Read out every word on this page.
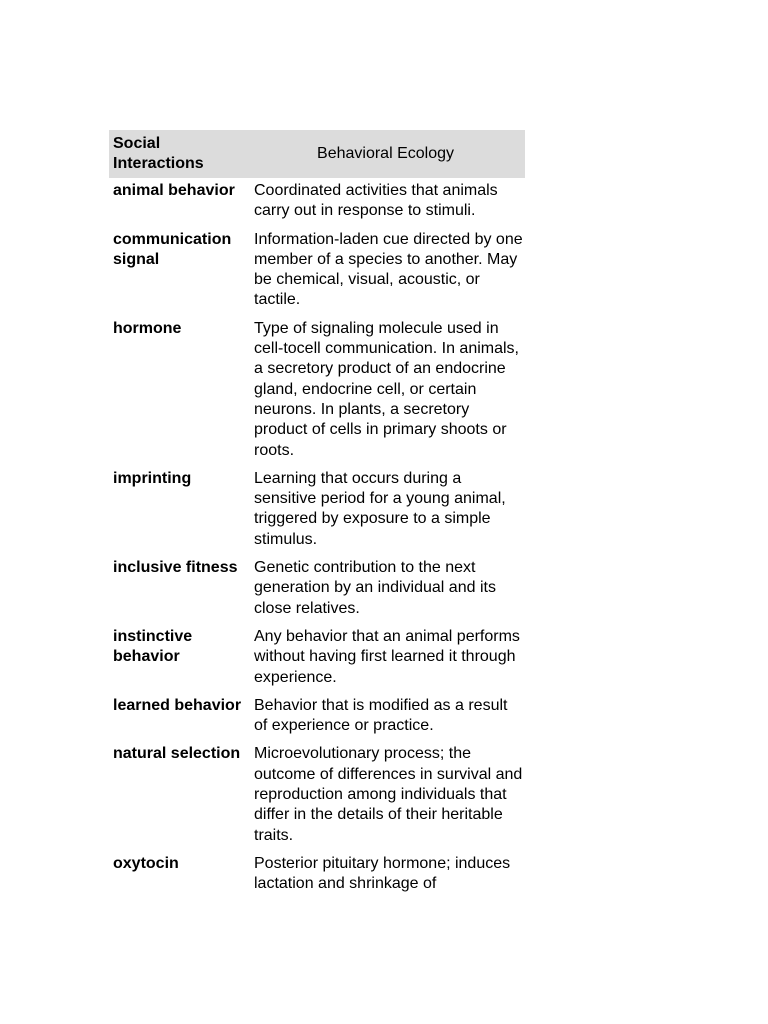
Social Interactions	Behavioral Ecology
animal behavior	Coordinated activities that animals carry out in response to stimuli.
communication signal	Information-laden cue directed by one member of a species to another. May be chemical, visual, acoustic, or tactile.
hormone	Type of signaling molecule used in cell-tocell communication. In animals, a secretory product of an endocrine gland, endocrine cell, or certain neurons. In plants, a secretory product of cells in primary shoots or roots.
imprinting	Learning that occurs during a sensitive period for a young animal, triggered by exposure to a simple stimulus.
inclusive fitness	Genetic contribution to the next generation by an individual and its close relatives.
instinctive behavior	Any behavior that an animal performs without having first learned it through experience.
learned behavior	Behavior that is modified as a result of experience or practice.
natural selection	Microevolutionary process; the outcome of differences in survival and reproduction among individuals that differ in the details of their heritable traits.
oxytocin	Posterior pituitary hormone; induces lactation and shrinkage of
